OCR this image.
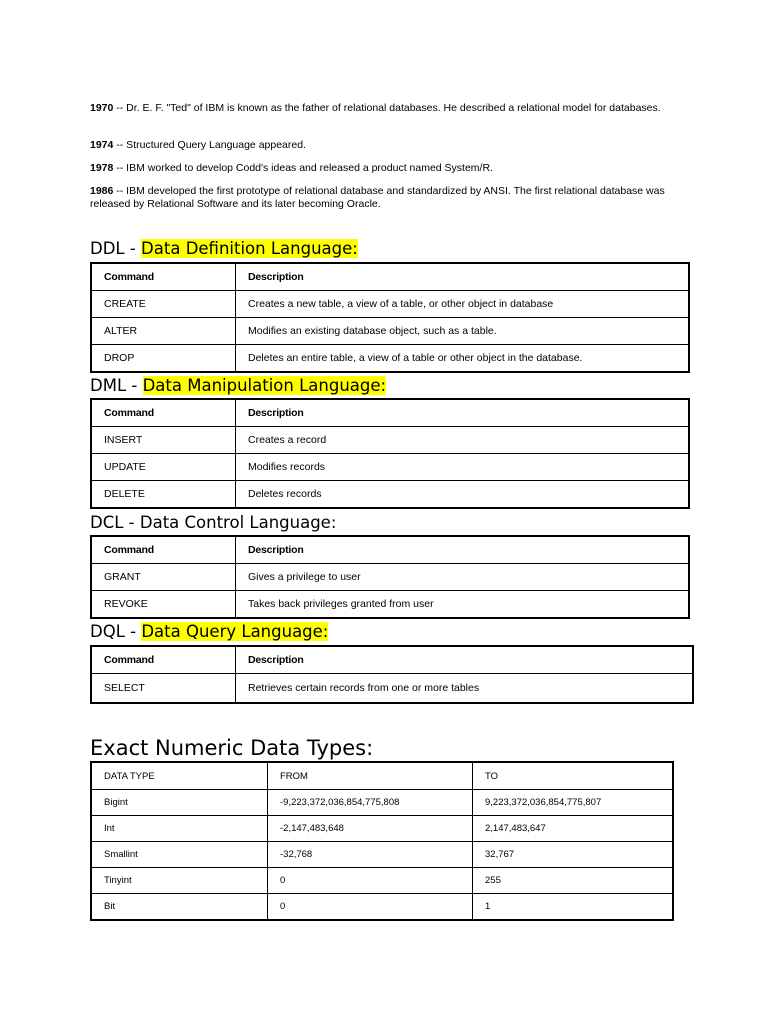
1970 -- Dr. E. F. "Ted" of IBM is known as the father of relational databases. He described a relational model for databases.
1974 -- Structured Query Language appeared.
1978 -- IBM worked to develop Codd's ideas and released a product named System/R.
1986 -- IBM developed the first prototype of relational database and standardized by ANSI. The first relational database was released by Relational Software and its later becoming Oracle.
DDL - Data Definition Language:
Command	Description
CREATE	Creates a new table, a view of a table, or other object in database
ALTER	Modifies an existing database object, such as a table.
DROP	Deletes an entire table, a view of a table or other object in the database.
DML - Data Manipulation Language:
Command	Description
INSERT	Creates a record
UPDATE	Modifies records
DELETE	Deletes records
DCL - Data Control Language:
Command	Description
GRANT	Gives a privilege to user
REVOKE	Takes back privileges granted from user
DQL - Data Query Language:
Command	Description
SELECT	Retrieves certain records from one or more tables
Exact Numeric Data Types:
DATA TYPE	FROM	TO
Bigint	-9,223,372,036,854,775,808	9,223,372,036,854,775,807
Int	-2,147,483,648	2,147,483,647
Smallint	-32,768	32,767
Tinyint	0	255
Bit	0	1
